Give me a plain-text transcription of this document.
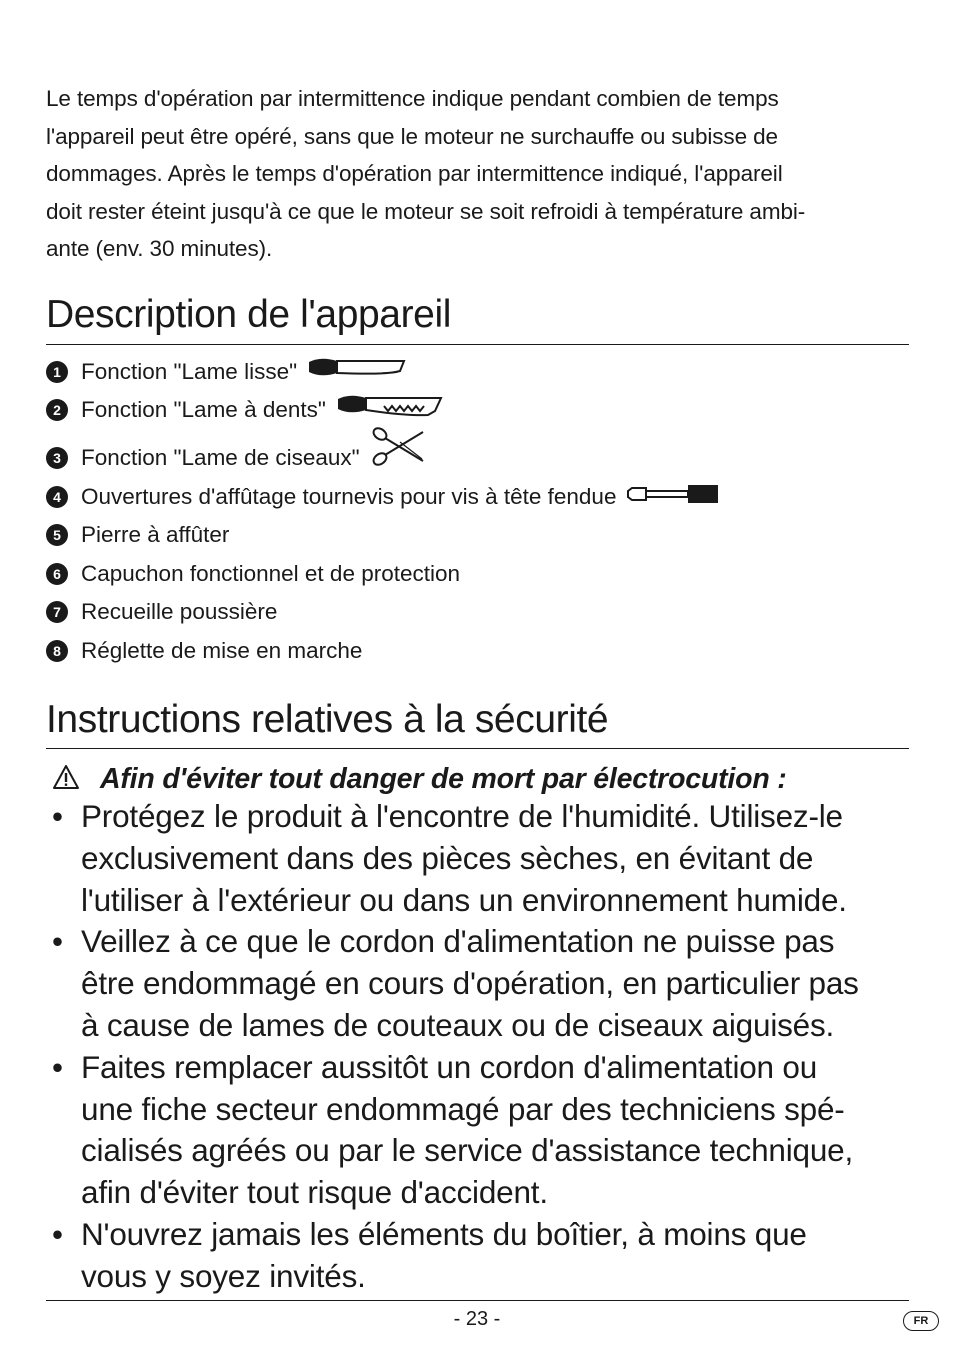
Le temps d'opération par intermittence indique pendant combien de temps
l'appareil peut être opéré, sans que le moteur ne surchauffe ou subisse de
dommages. Après le temps d'opération par intermittence indiqué, l'appareil
doit rester éteint jusqu'à ce que le moteur se soit refroidi à température ambi-
ante (env. 30 minutes).
Description de l'appareil
1 Fonction "Lame lisse"
2 Fonction "Lame à dents"
3 Fonction "Lame de ciseaux"
4 Ouvertures d'affûtage tournevis pour vis à tête fendue
5 Pierre à affûter
6 Capuchon fonctionnel et de protection
7 Recueille poussière
8 Réglette de mise en marche
Instructions relatives à la sécurité
Afin d'éviter tout danger de mort par électrocution :
• Protégez le produit à l'encontre de l'humidité. Utilisez-le
exclusivement dans des pièces sèches, en évitant de
l'utiliser à l'extérieur ou dans un environnement humide.
• Veillez à ce que le cordon d'alimentation ne puisse pas
être endommagé en cours d'opération, en particulier pas
à cause de lames de couteaux ou de ciseaux aiguisés.
• Faites remplacer aussitôt un cordon d'alimentation ou
une fiche secteur endommagé par des techniciens spé-
cialisés agréés ou par le service d'assistance technique,
afin d'éviter tout risque d'accident.
• N'ouvrez jamais les éléments du boîtier, à moins que
vous y soyez invités.
- 23 -	FR
